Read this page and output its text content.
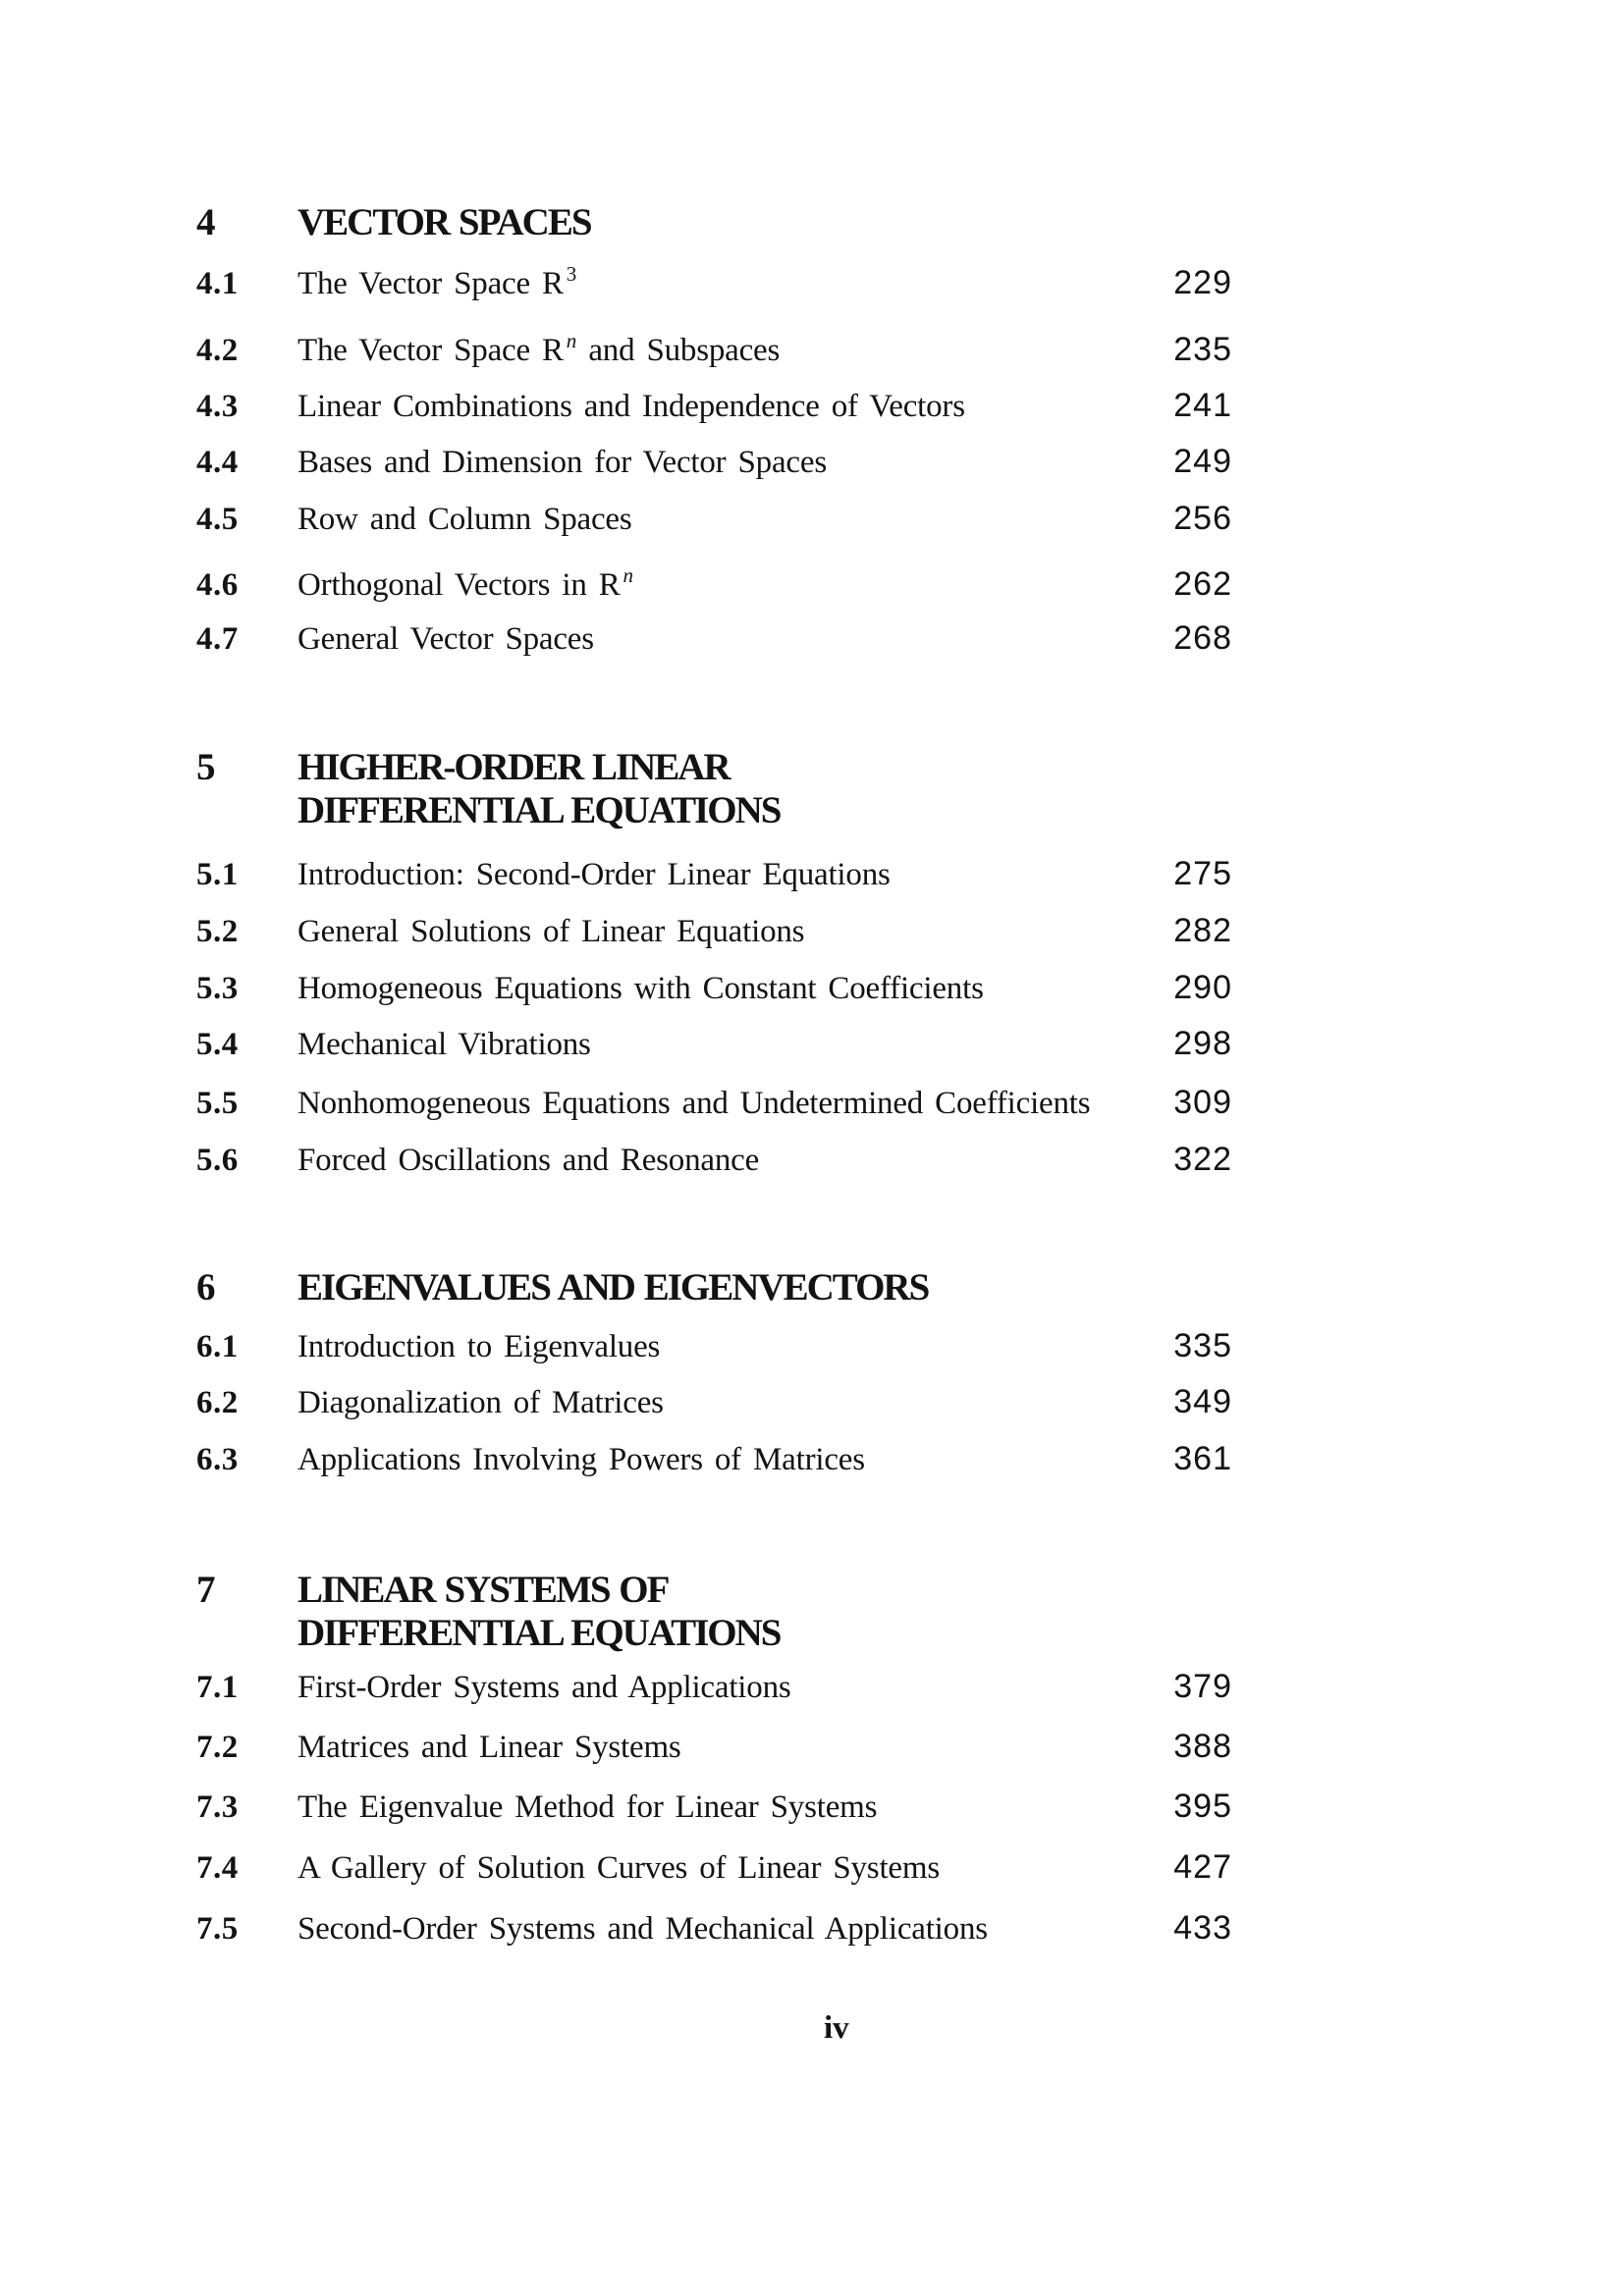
4 VECTOR SPACES
4.1 The Vector Space R 3	229
4.2 The Vector Space R n and Subspaces	235
4.3 Linear Combinations and Independence of Vectors	241
4.4 Bases and Dimension for Vector Spaces	249
4.5 Row and Column Spaces	256
4.6 Orthogonal Vectors in R n	262
4.7 General Vector Spaces	268
5 HIGHER-ORDER LINEAR
DIFFERENTIAL EQUATIONS
5.1 Introduction: Second-Order Linear Equations	275
5.2 General Solutions of Linear Equations	282
5.3 Homogeneous Equations with Constant Coefficients	290
5.4 Mechanical Vibrations	298
5.5 Nonhomogeneous Equations and Undetermined Coefficients 309
5.6 Forced Oscillations and Resonance	322
6 EIGENVALUES AND EIGENVECTORS
6.1 Introduction to Eigenvalues	335
6.2 Diagonalization of Matrices	349
6.3 Applications Involving Powers of Matrices	361
7 LINEAR SYSTEMS OF
DIFFERENTIAL EQUATIONS
7.1 First-Order Systems and Applications	379
7.2 Matrices and Linear Systems	388
7.3 The Eigenvalue Method for Linear Systems	395
7.4 A Gallery of Solution Curves of Linear Systems	427
7.5 Second-Order Systems and Mechanical Applications	433
iv
